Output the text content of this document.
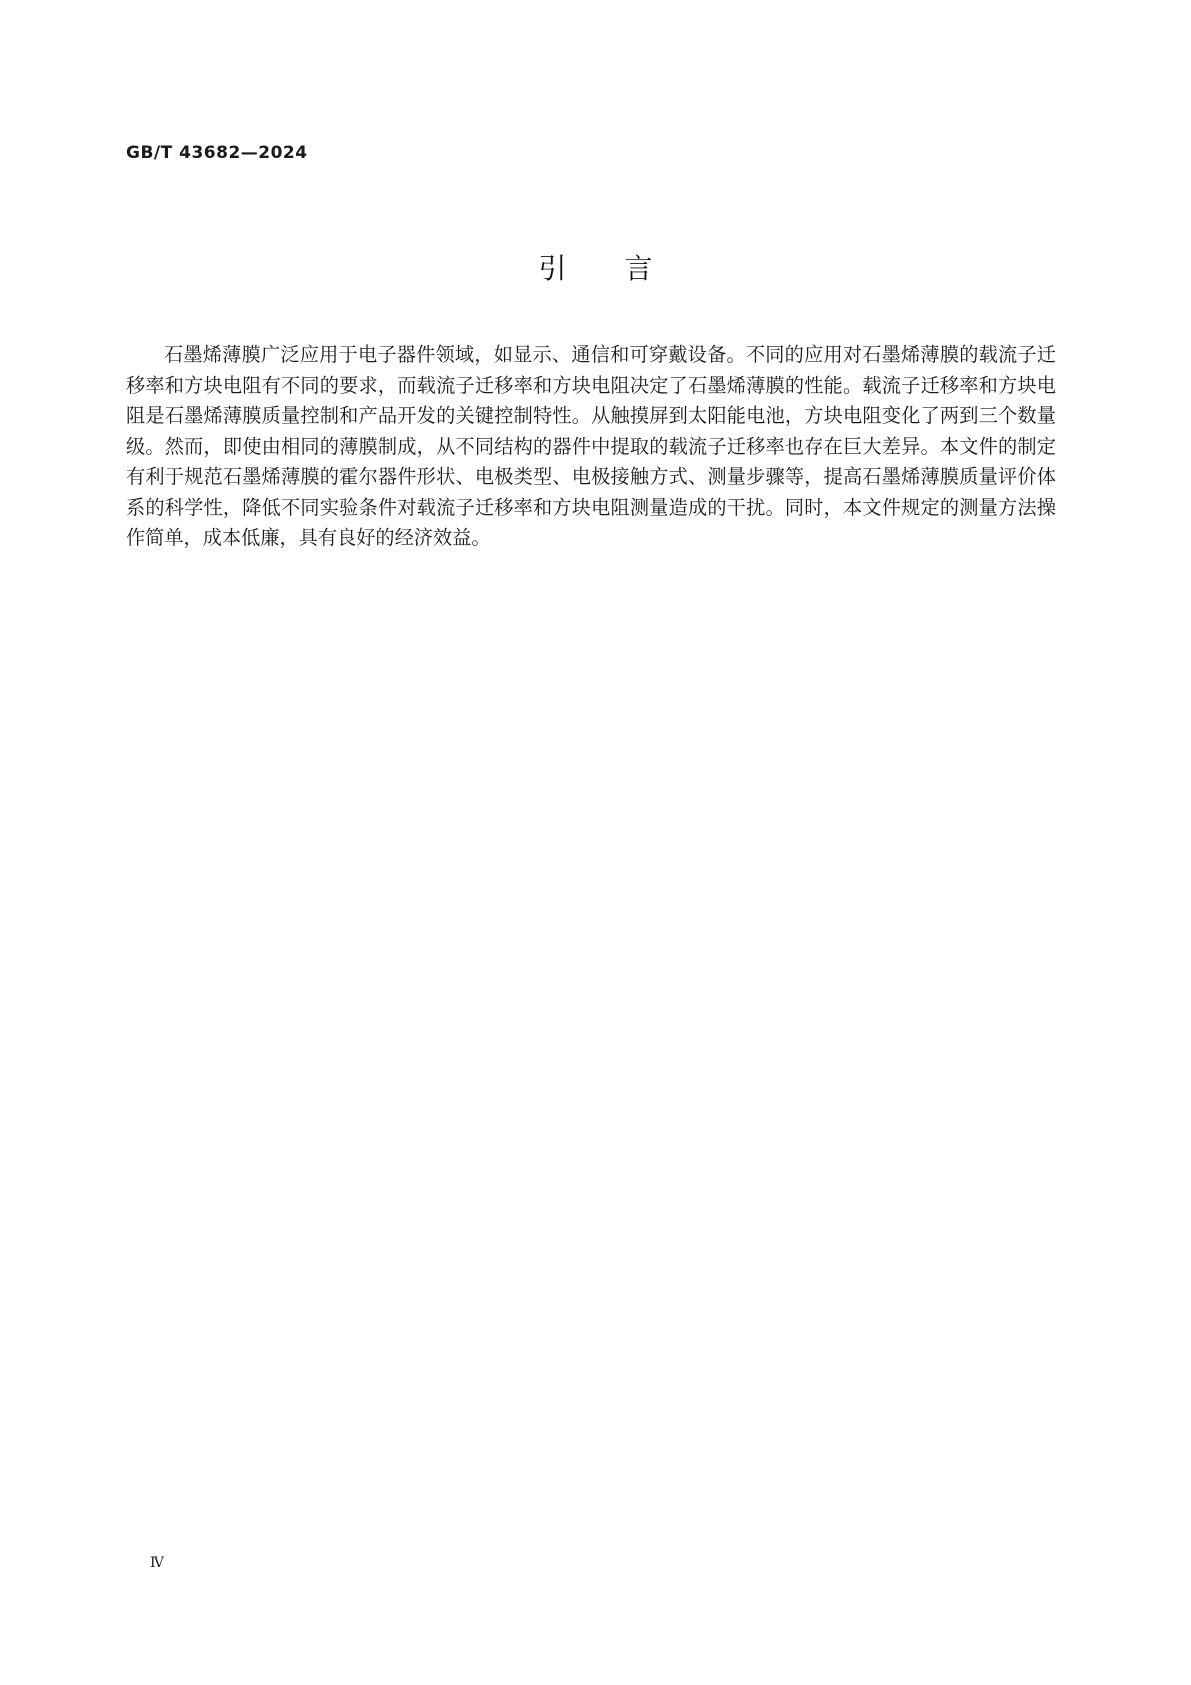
GB/T 43682—2024
引 言

石墨烯薄膜广泛应用于电子器件领域，如显示、通信和可穿戴设备。不同的应用对石墨烯薄膜的载流子迁移率和方块电阻有不同的要求，而载流子迁移率和方块电阻决定了石墨烯薄膜的性能。载流子迁移率和方块电阻是石墨烯薄膜质量控制和产品开发的关键控制特性。从触摸屏到太阳能电池，方块电阻变化了两到三个数量级。然而，即使由相同的薄膜制成，从不同结构的器件中提取的载流子迁移率也存在巨大差异。本文件的制定有利于规范石墨烯薄膜的霍尔器件形状、电极类型、电极接触方式、测量步骤等，提高石墨烯薄膜质量评价体系的科学性，降低不同实验条件对载流子迁移率和方块电阻测量造成的干扰。同时，本文件规定的测量方法操作简单，成本低廉，具有良好的经济效益。

Ⅳ
